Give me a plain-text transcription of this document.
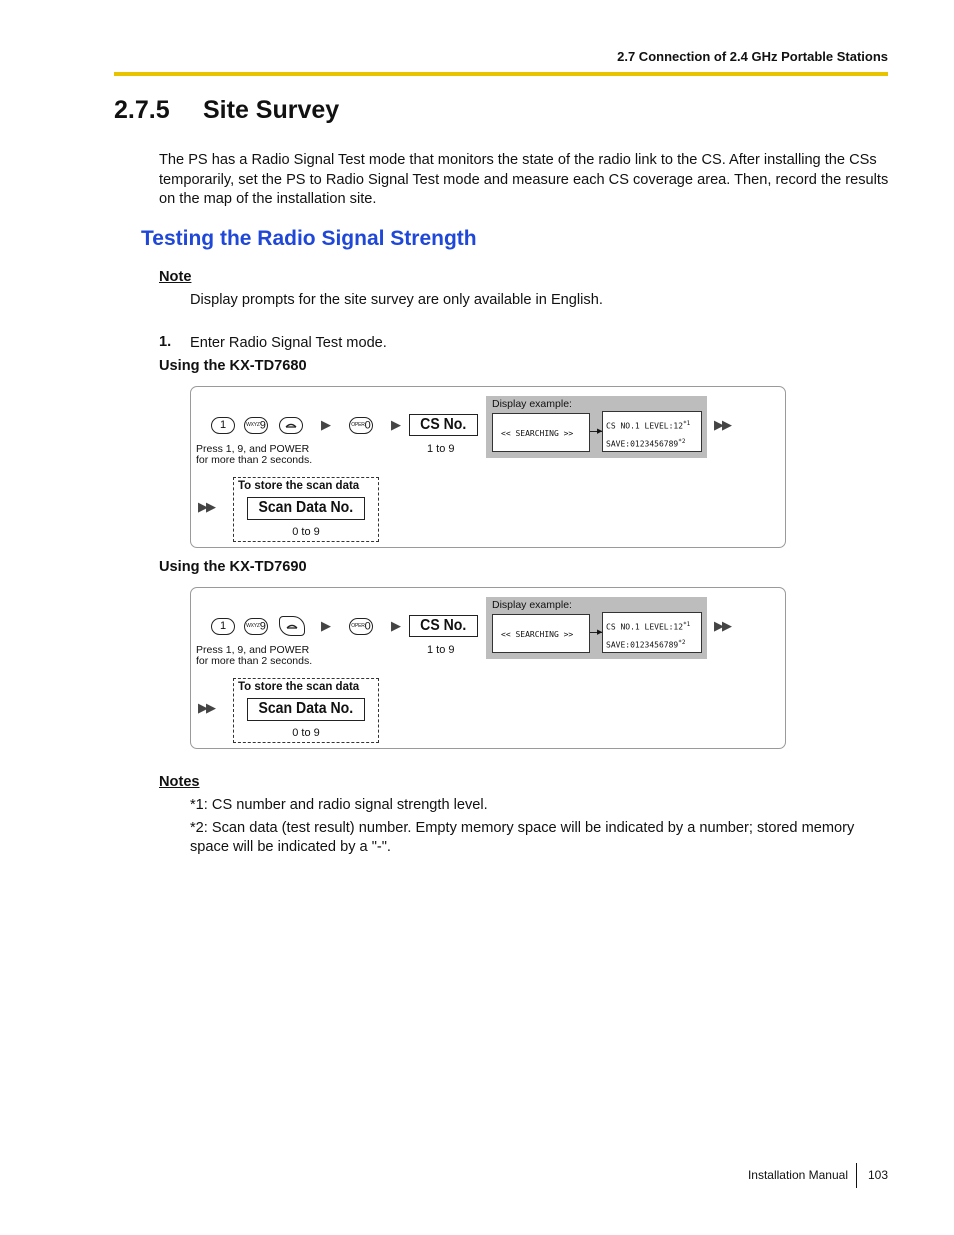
2.7 Connection of 2.4 GHz Portable Stations
2.7.5 Site Survey
The PS has a Radio Signal Test mode that monitors the state of the radio link to the CS. After installing the CSs temporarily, set the PS to Radio Signal Test mode and measure each CS coverage area. Then, record the results on the map of the installation site.
Testing the Radio Signal Strength
Note
Display prompts for the site survey are only available in English.
1. Enter Radio Signal Test mode.
Using the KX-TD7680
1	WXYZ9	▶	OPER0 ▶	CS No.
1 to 9
Press 1, 9, and POWER
for more than 2 seconds.
Display example:
<< SEARCHING >>	▶
CS NO.1 LEVEL:12$^{*1}$
SAVE:0123456789$^{*2}$
▶▶
▶▶
To store the scan data
Scan Data No.
0 to 9
Using the KX-TD7690
1	WXYZ9	▶	OPER0 ▶	CS No.
1 to 9
Press 1, 9, and POWER
for more than 2 seconds.
Display example:
<< SEARCHING >>	▶
CS NO.1 LEVEL:12$^{*1}$
SAVE:0123456789$^{*2}$
▶▶
▶▶
To store the scan data
Scan Data No.
0 to 9
Notes
*1: CS number and radio signal strength level.
*2: Scan data (test result) number. Empty memory space will be indicated by a number; stored memory space will be indicated by a "-".
Installation Manual 103
